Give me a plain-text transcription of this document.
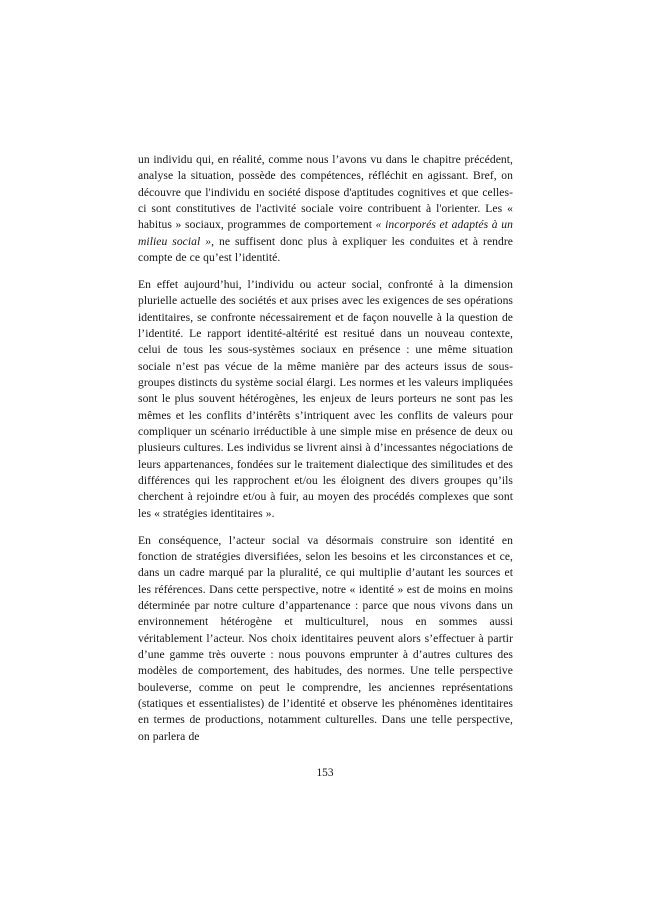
un individu qui, en réalité, comme nous l’avons vu dans le chapitre précédent, analyse la situation, possède des compétences, réfléchit en agissant. Bref, on découvre que l'individu en société dispose d'aptitudes cognitives et que celles-ci sont constitutives de l'activité sociale voire contribuent à l'orienter. Les « habitus » sociaux, programmes de comportement « incorporés et adaptés à un milieu social », ne suffisent donc plus à expliquer les conduites et à rendre compte de ce qu’est l’identité.

En effet aujourd’hui, l’individu ou acteur social, confronté à la dimension plurielle actuelle des sociétés et aux prises avec les exigences de ses opérations identitaires, se confronte nécessairement et de façon nouvelle à la question de l’identité. Le rapport identité-altérité est resitué dans un nouveau contexte, celui de tous les sous-systèmes sociaux en présence : une même situation sociale n’est pas vécue de la même manière par des acteurs issus de sous-groupes distincts du système social élargi. Les normes et les valeurs impliquées sont le plus souvent hétérogènes, les enjeux de leurs porteurs ne sont pas les mêmes et les conflits d’intérêts s’intriquent avec les conflits de valeurs pour compliquer un scénario irréductible à une simple mise en présence de deux ou plusieurs cultures. Les individus se livrent ainsi à d’incessantes négociations de leurs appartenances, fondées sur le traitement dialectique des similitudes et des différences qui les rapprochent et/ou les éloignent des divers groupes qu’ils cherchent à rejoindre et/ou à fuir, au moyen des procédés complexes que sont les « stratégies identitaires ».

En conséquence, l’acteur social va désormais construire son identité en fonction de stratégies diversifiées, selon les besoins et les circonstances et ce, dans un cadre marqué par la pluralité, ce qui multiplie d’autant les sources et les références. Dans cette perspective, notre « identité » est de moins en moins déterminée par notre culture d’appartenance : parce que nous vivons dans un environnement hétérogène et multiculturel, nous en sommes aussi véritablement l’acteur. Nos choix identitaires peuvent alors s’effectuer à partir d’une gamme très ouverte : nous pouvons emprunter à d’autres cultures des modèles de comportement, des habitudes, des normes. Une telle perspective bouleverse, comme on peut le comprendre, les anciennes représentations (statiques et essentialistes) de l’identité et observe les phénomènes identitaires en termes de productions, notamment culturelles. Dans une telle perspective, on parlera de

153
